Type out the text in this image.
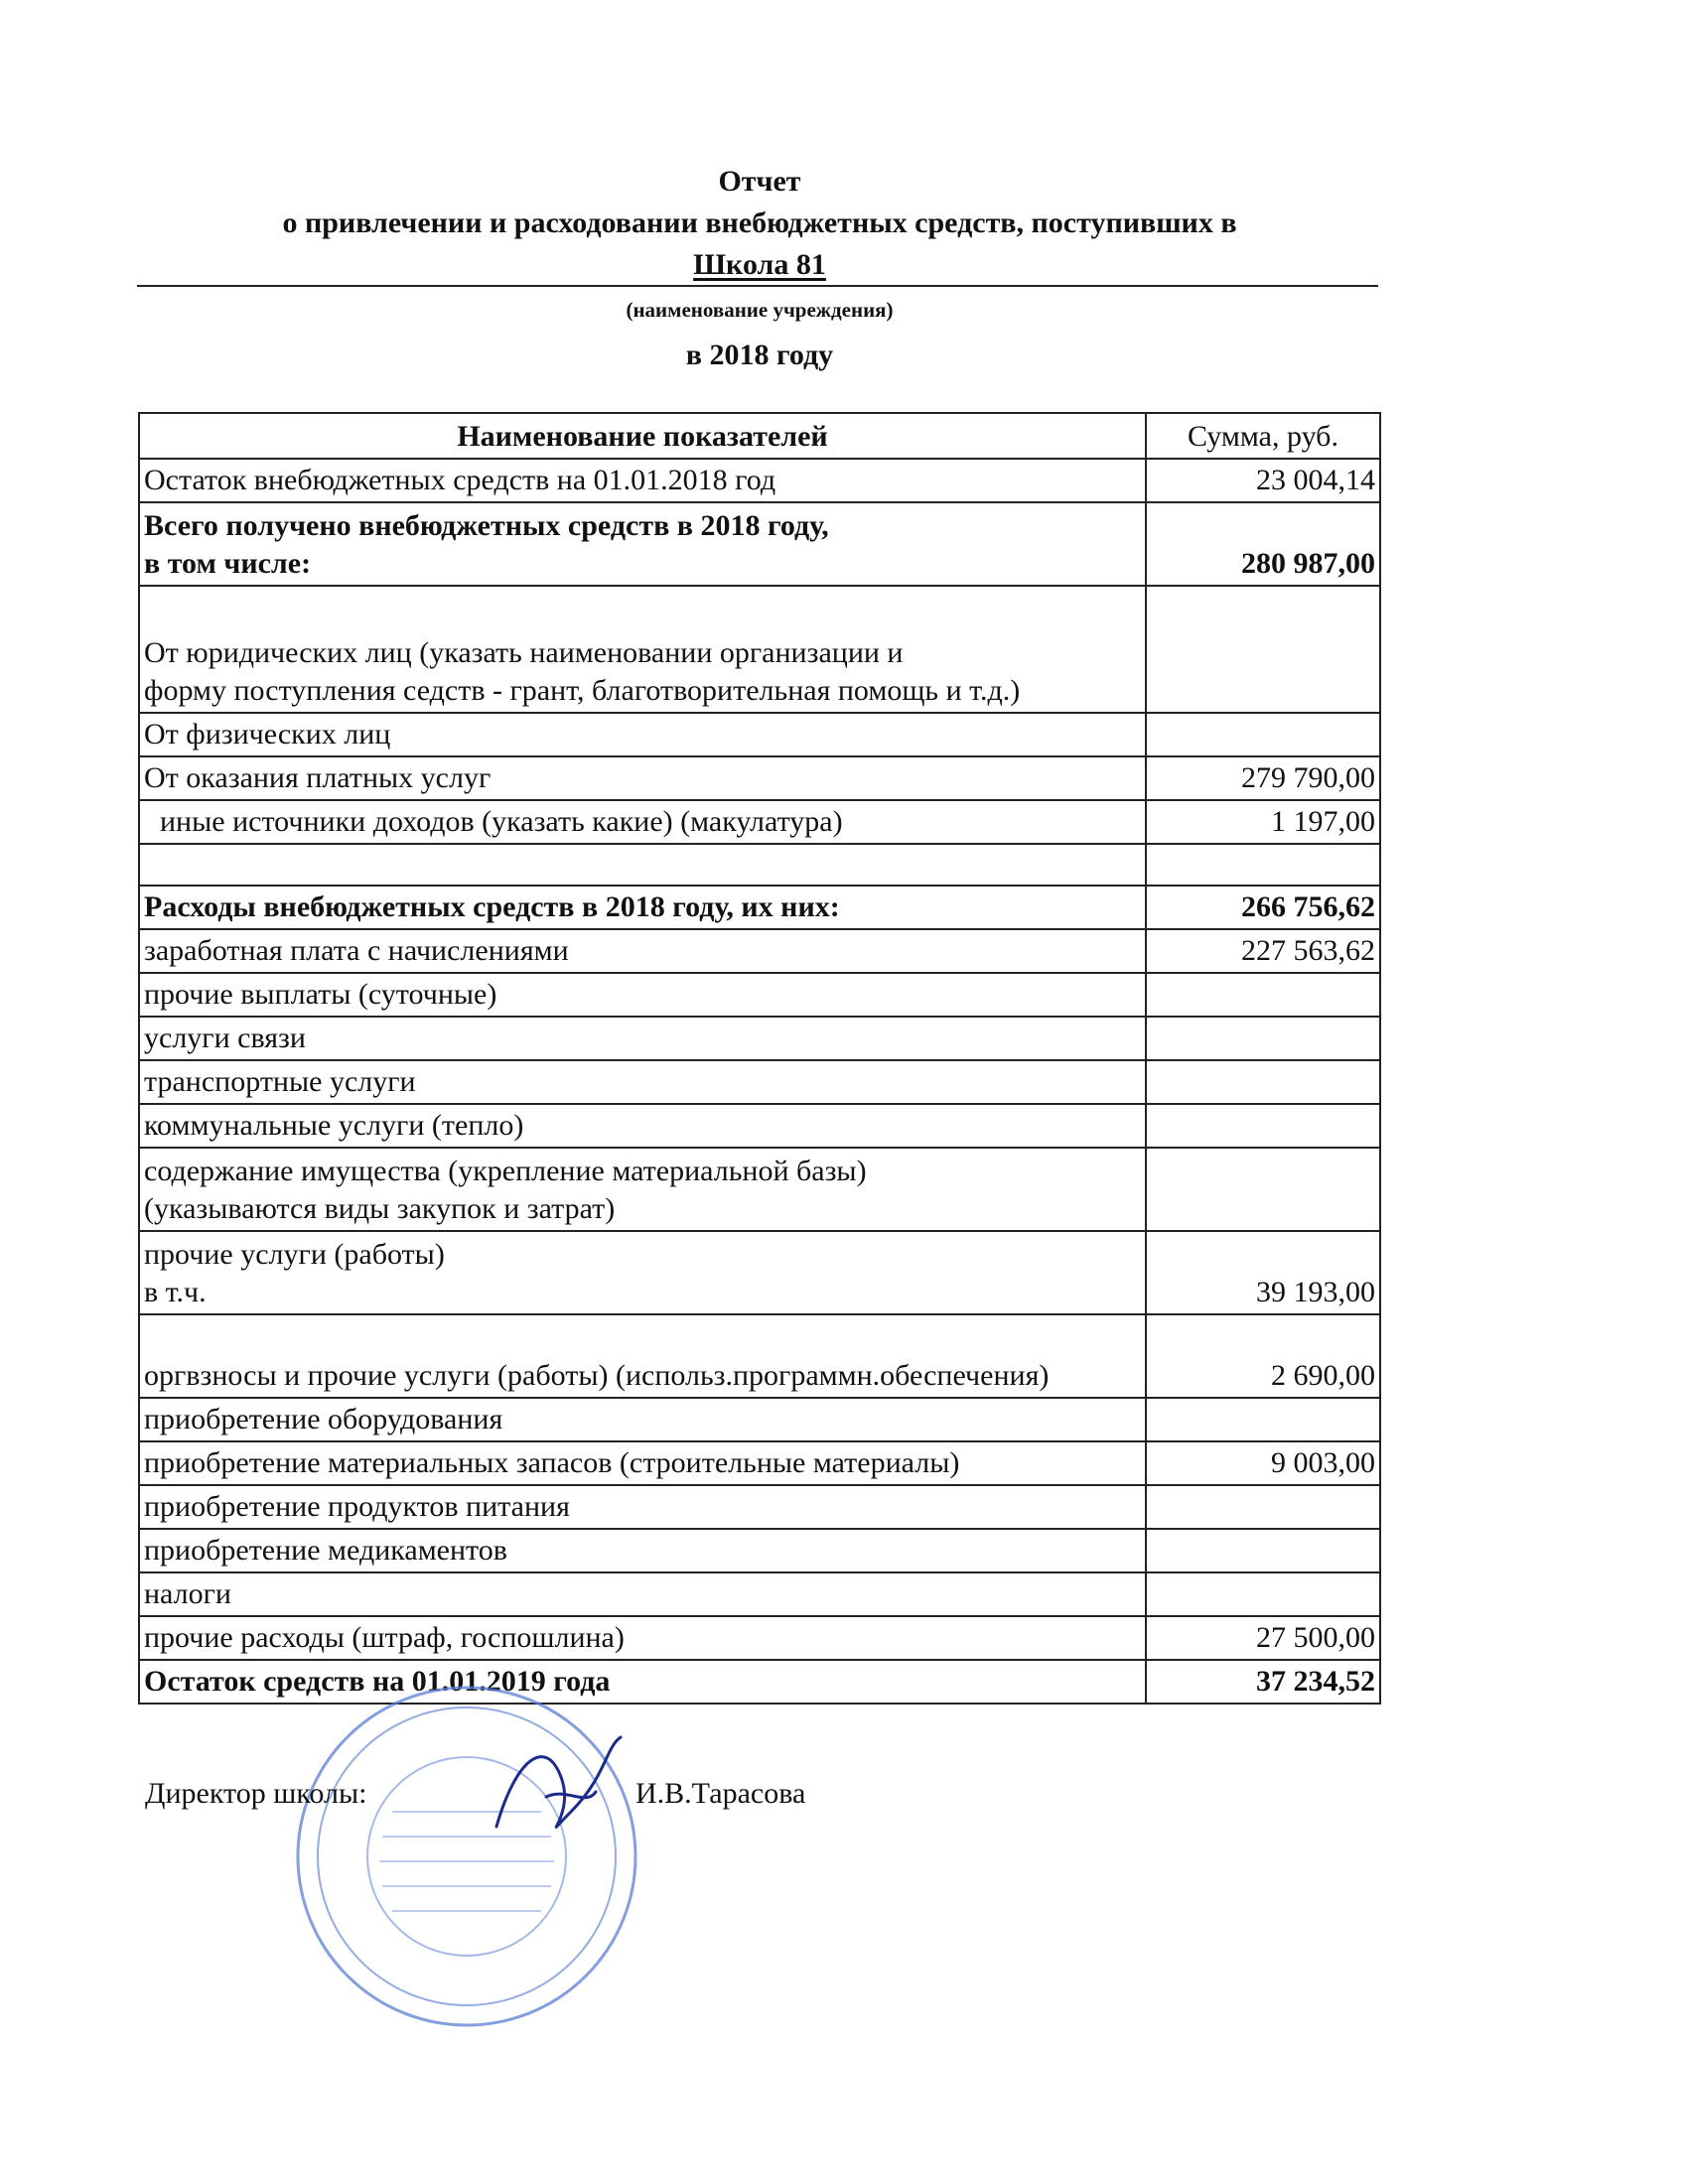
Отчет
о привлечении и расходовании внебюджетных средств, поступивших в
Школа 81
(наименование учреждения)
в 2018 году
Наименование показателей	Сумма, руб.
Остаток внебюджетных средств на 01.01.2018 год	23 004,14
Всего получено внебюджетных средств в 2018 году,
в том числе:	280 987,00
От юридических лиц (указать наименовании организации и
форму поступления седств - грант, благотворительная помощь и т.д.)	
От физических лиц	
От оказания платных услуг	279 790,00
иные источники доходов (указать какие) (макулатура)	1 197,00

Расходы внебюджетных средств в 2018 году, их них:	266 756,62
заработная плата с начислениями	227 563,62
прочие выплаты (суточные)	
услуги связи	
транспортные услуги	
коммунальные услуги (тепло)	
содержание имущества (укрепление материальной базы)
(указываются виды закупок и затрат)	
прочие услуги (работы)
в т.ч.	39 193,00
оргвзносы и прочие услуги (работы) (использ.программн.обеспечения)	2 690,00
приобретение оборудования	
приобретение материальных запасов (строительные материалы)	9 003,00
приобретение продуктов питания	
приобретение медикаментов	
налоги	
прочие расходы (штраф, госпошлина)	27 500,00
Остаток средств на 01.01.2019 года	37 234,52
Директор школы:	И.В.Тарасова
